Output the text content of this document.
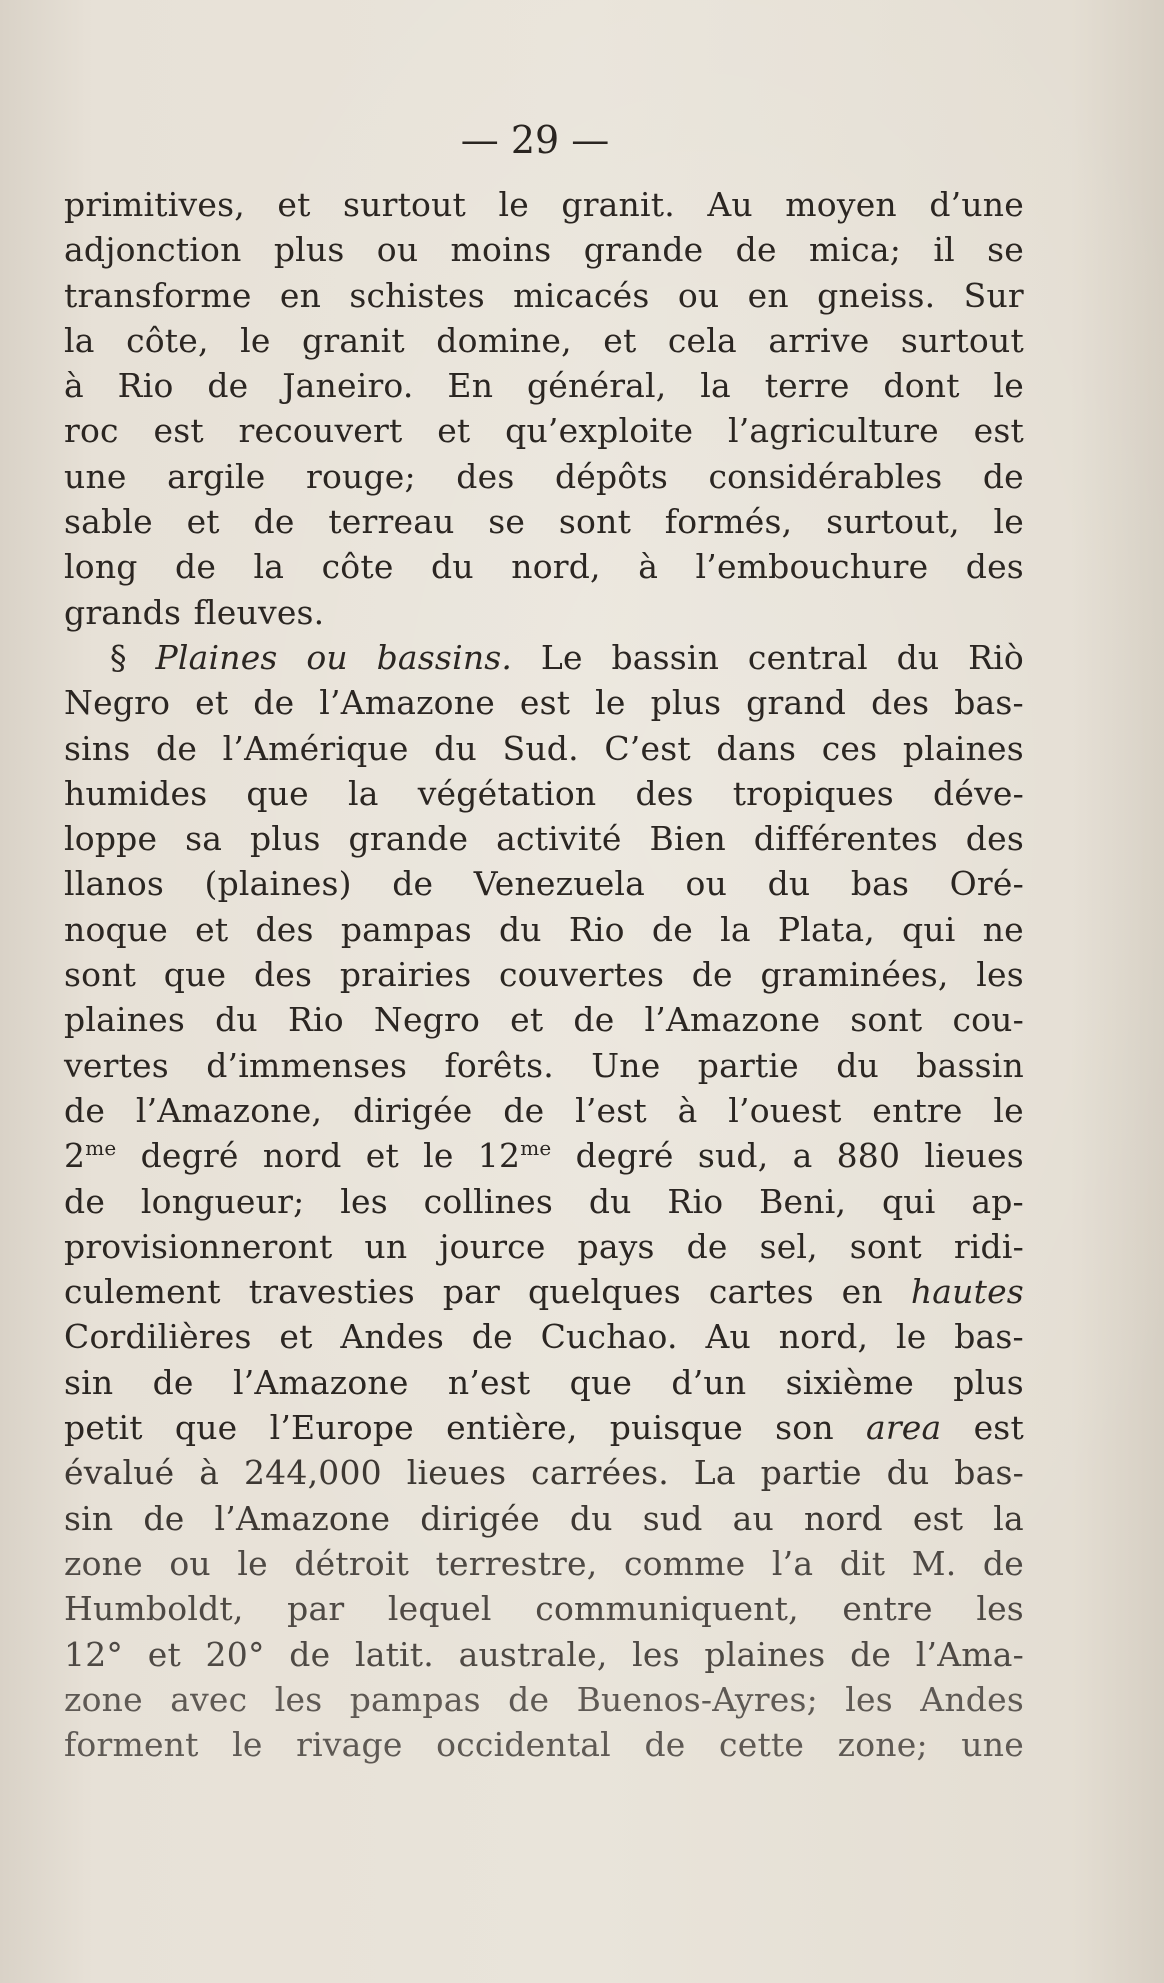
— 29 —
primitives, et surtout le granit. Au moyen d’une
adjonction plus ou moins grande de mica; il se
transforme en schistes micacés ou en gneiss. Sur
la côte, le granit domine, et cela arrive surtout
à Rio de Janeiro. En général, la terre dont le
roc est recouvert et qu’exploite l’agriculture est
une argile rouge; des dépôts considérables de
sable et de terreau se sont formés, surtout, le
long de la côte du nord, à l’embouchure des
grands fleuves.
§ Plaines ou bassins. Le bassin central du Riò
Negro et de l’Amazone est le plus grand des bas-
sins de l’Amérique du Sud. C’est dans ces plaines
humides que la végétation des tropiques déve-
loppe sa plus grande activité Bien différentes des
llanos (plaines) de Venezuela ou du bas Oré-
noque et des pampas du Rio de la Plata, qui ne
sont que des prairies couvertes de graminées, les
plaines du Rio Negro et de l’Amazone sont cou-
vertes d’immenses forêts. Une partie du bassin
de l’Amazone, dirigée de l’est à l’ouest entre le
$2^{me}$ degré nord et le $12^{me}$ degré sud, a 880 lieues
de longueur; les collines du Rio Beni, qui ap-
provisionneront un jource pays de sel, sont ridi-
culement travesties par quelques cartes en hautes
Cordilières et Andes de Cuchao. Au nord, le bas-
sin de l’Amazone n’est que d’un sixième plus
petit que l’Europe entière, puisque son area est
évalué à 244,000 lieues carrées. La partie du bas-
sin de l’Amazone dirigée du sud au nord est la
zone ou le détroit terrestre, comme l’a dit M. de
Humboldt, par lequel communiquent, entre les
12° et 20° de latit. australe, les plaines de l’Ama-
zone avec les pampas de Buenos-Ayres; les Andes
forment le rivage occidental de cette zone; une
